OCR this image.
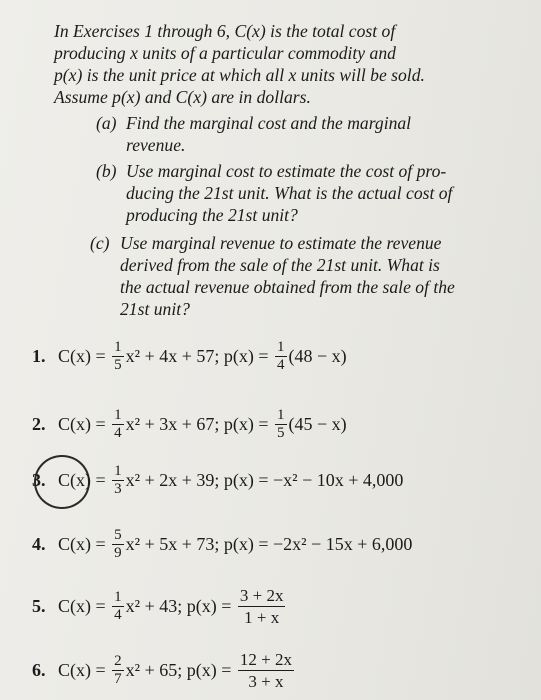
In Exercises 1 through 6, C(x) is the total cost of

producing x units of a particular commodity and

p(x) is the unit price at which all x units will be sold.

Assume p(x) and C(x) are in dollars.

(a) Find the marginal cost and the marginal

revenue.

(b) Use marginal cost to estimate the cost of pro-

ducing the 21st unit. What is the actual cost of

producing the 21st unit?

(c) Use marginal revenue to estimate the revenue

derived from the sale of the 21st unit. What is

the actual revenue obtained from the sale of the

21st unit?

1. C(x) =
$\frac{1}{5} x^2$
+ 4x + 57;
p(x) =
$\frac{1}{4} (48 - x)$
2. C(x) =
$\frac{1}{4} x^2$
+ 3x + 67;
p(x) =
$\frac{1}{5} (45 - x)$
3. C(x) =
$\frac{1}{3} x^2$
+ 2x + 39;
p(x) =
−x² − 10x + 4,000
4. C(x) =
$\frac{5}{9} x^2$
+ 5x + 73;
p(x) =
−2x² − 15x + 6,000
5. C(x) =
$\frac{1}{4} x^2$
+ 43;
p(x) =
$\frac{3 + 2x}{1 + x}$
6. C(x) =
$\frac{2}{7} x^2$
+ 65;
p(x) =
$\frac{12 + 2x}{3 + x}$
